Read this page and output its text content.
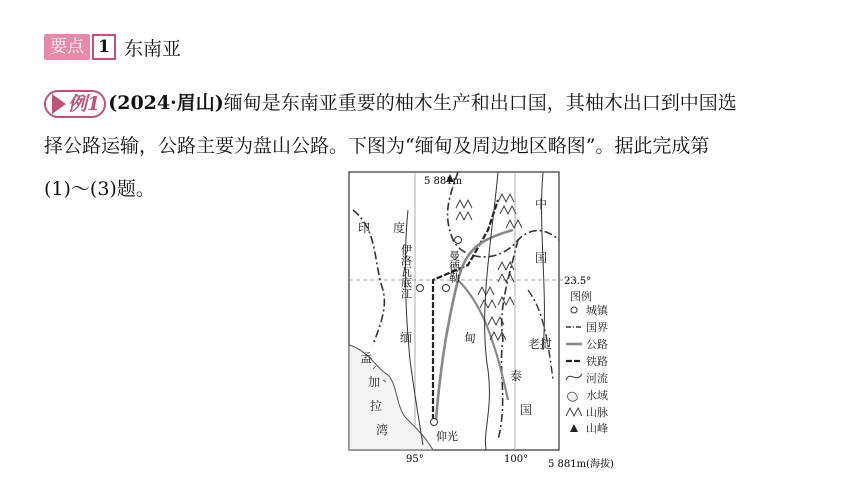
要点 1 东南亚
例1 (2024·眉山)缅甸是东南亚重要的柚木生产和出口国，其柚木出口到中国选
择公路运输，公路主要为盘山公路。下图为“缅甸及周边地区略图”。据此完成第
(1)～(3)题。	5 881m
印 度
中
国
老挝
泰
国
孟
加
拉
湾
缅	甸
伊洛瓦底江	曼德勒
仰光
95°	100°
23.5°
图例
城镇
国界
公路
铁路
河流
水域
山脉
山峰
5 881m(海拔)
